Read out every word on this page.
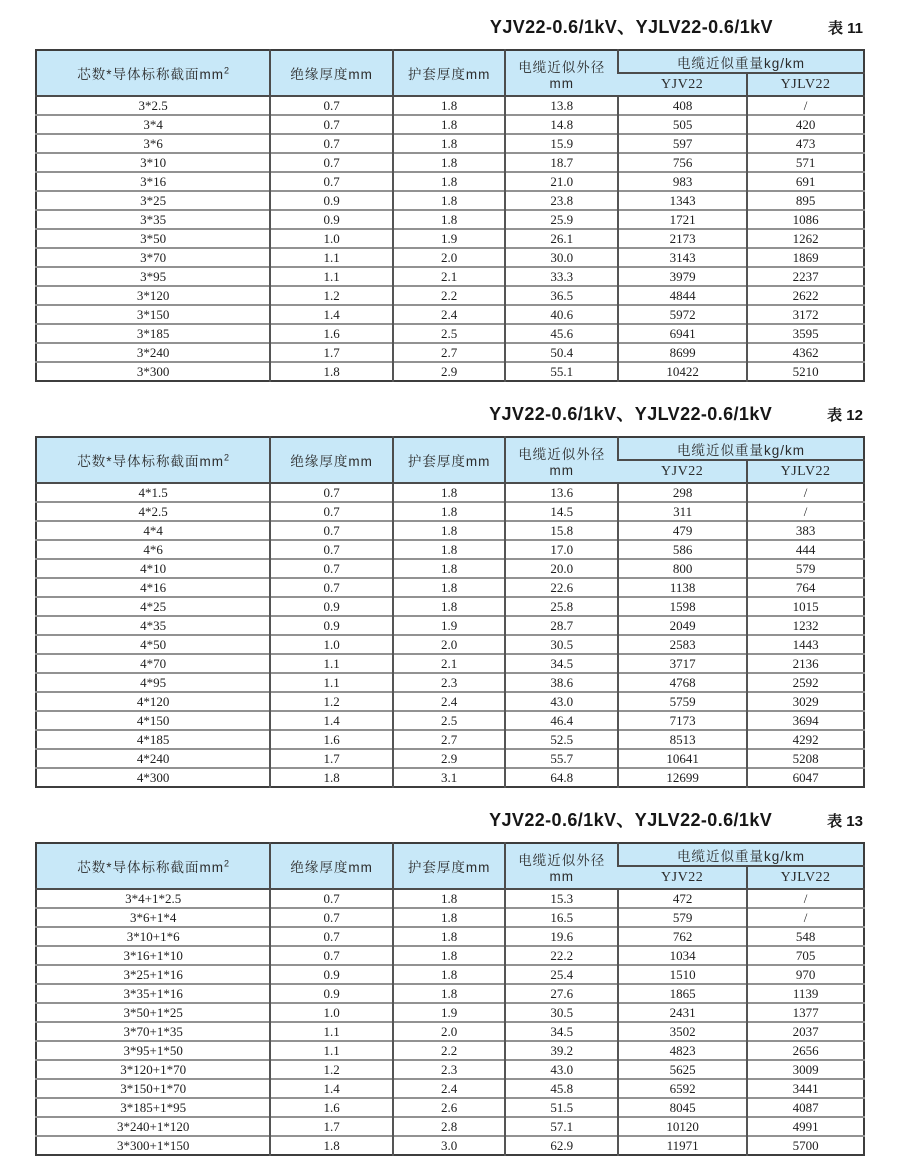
YJV22-0.6/1kV、YJLV22-0.6/1kV	表 11
芯数*导体标称截面$mm^2$	绝缘厚度mm	护套厚度mm	电缆近似外径mm	电缆近似重量kg/km	
				YJV22	YJLV22
3*2.5	0.7	1.8	13.8	408	/
3*4	0.7	1.8	14.8	505	420
3*6	0.7	1.8	15.9	597	473
3*10	0.7	1.8	18.7	756	571
3*16	0.7	1.8	21.0	983	691
3*25	0.9	1.8	23.8	1343	895
3*35	0.9	1.8	25.9	1721	1086
3*50	1.0	1.9	26.1	2173	1262
3*70	1.1	2.0	30.0	3143	1869
3*95	1.1	2.1	33.3	3979	2237
3*120	1.2	2.2	36.5	4844	2622
3*150	1.4	2.4	40.6	5972	3172
3*185	1.6	2.5	45.6	6941	3595
3*240	1.7	2.7	50.4	8699	4362
3*300	1.8	2.9	55.1	10422	5210
YJV22-0.6/1kV、YJLV22-0.6/1kV	表 12
芯数*导体标称截面$mm^2$	绝缘厚度mm	护套厚度mm	电缆近似外径mm	电缆近似重量kg/km	
				YJV22	YJLV22
4*1.5	0.7	1.8	13.6	298	/
4*2.5	0.7	1.8	14.5	311	/
4*4	0.7	1.8	15.8	479	383
4*6	0.7	1.8	17.0	586	444
4*10	0.7	1.8	20.0	800	579
4*16	0.7	1.8	22.6	1138	764
4*25	0.9	1.8	25.8	1598	1015
4*35	0.9	1.9	28.7	2049	1232
4*50	1.0	2.0	30.5	2583	1443
4*70	1.1	2.1	34.5	3717	2136
4*95	1.1	2.3	38.6	4768	2592
4*120	1.2	2.4	43.0	5759	3029
4*150	1.4	2.5	46.4	7173	3694
4*185	1.6	2.7	52.5	8513	4292
4*240	1.7	2.9	55.7	10641	5208
4*300	1.8	3.1	64.8	12699	6047
YJV22-0.6/1kV、YJLV22-0.6/1kV	表 13
芯数*导体标称截面$mm^2$	绝缘厚度mm	护套厚度mm	电缆近似外径mm	电缆近似重量kg/km	
				YJV22	YJLV22
3*4+1*2.5	0.7	1.8	15.3	472	/
3*6+1*4	0.7	1.8	16.5	579	/
3*10+1*6	0.7	1.8	19.6	762	548
3*16+1*10	0.7	1.8	22.2	1034	705
3*25+1*16	0.9	1.8	25.4	1510	970
3*35+1*16	0.9	1.8	27.6	1865	1139
3*50+1*25	1.0	1.9	30.5	2431	1377
3*70+1*35	1.1	2.0	34.5	3502	2037
3*95+1*50	1.1	2.2	39.2	4823	2656
3*120+1*70	1.2	2.3	43.0	5625	3009
3*150+1*70	1.4	2.4	45.8	6592	3441
3*185+1*95	1.6	2.6	51.5	8045	4087
3*240+1*120	1.7	2.8	57.1	10120	4991
3*300+1*150	1.8	3.0	62.9	11971	5700
